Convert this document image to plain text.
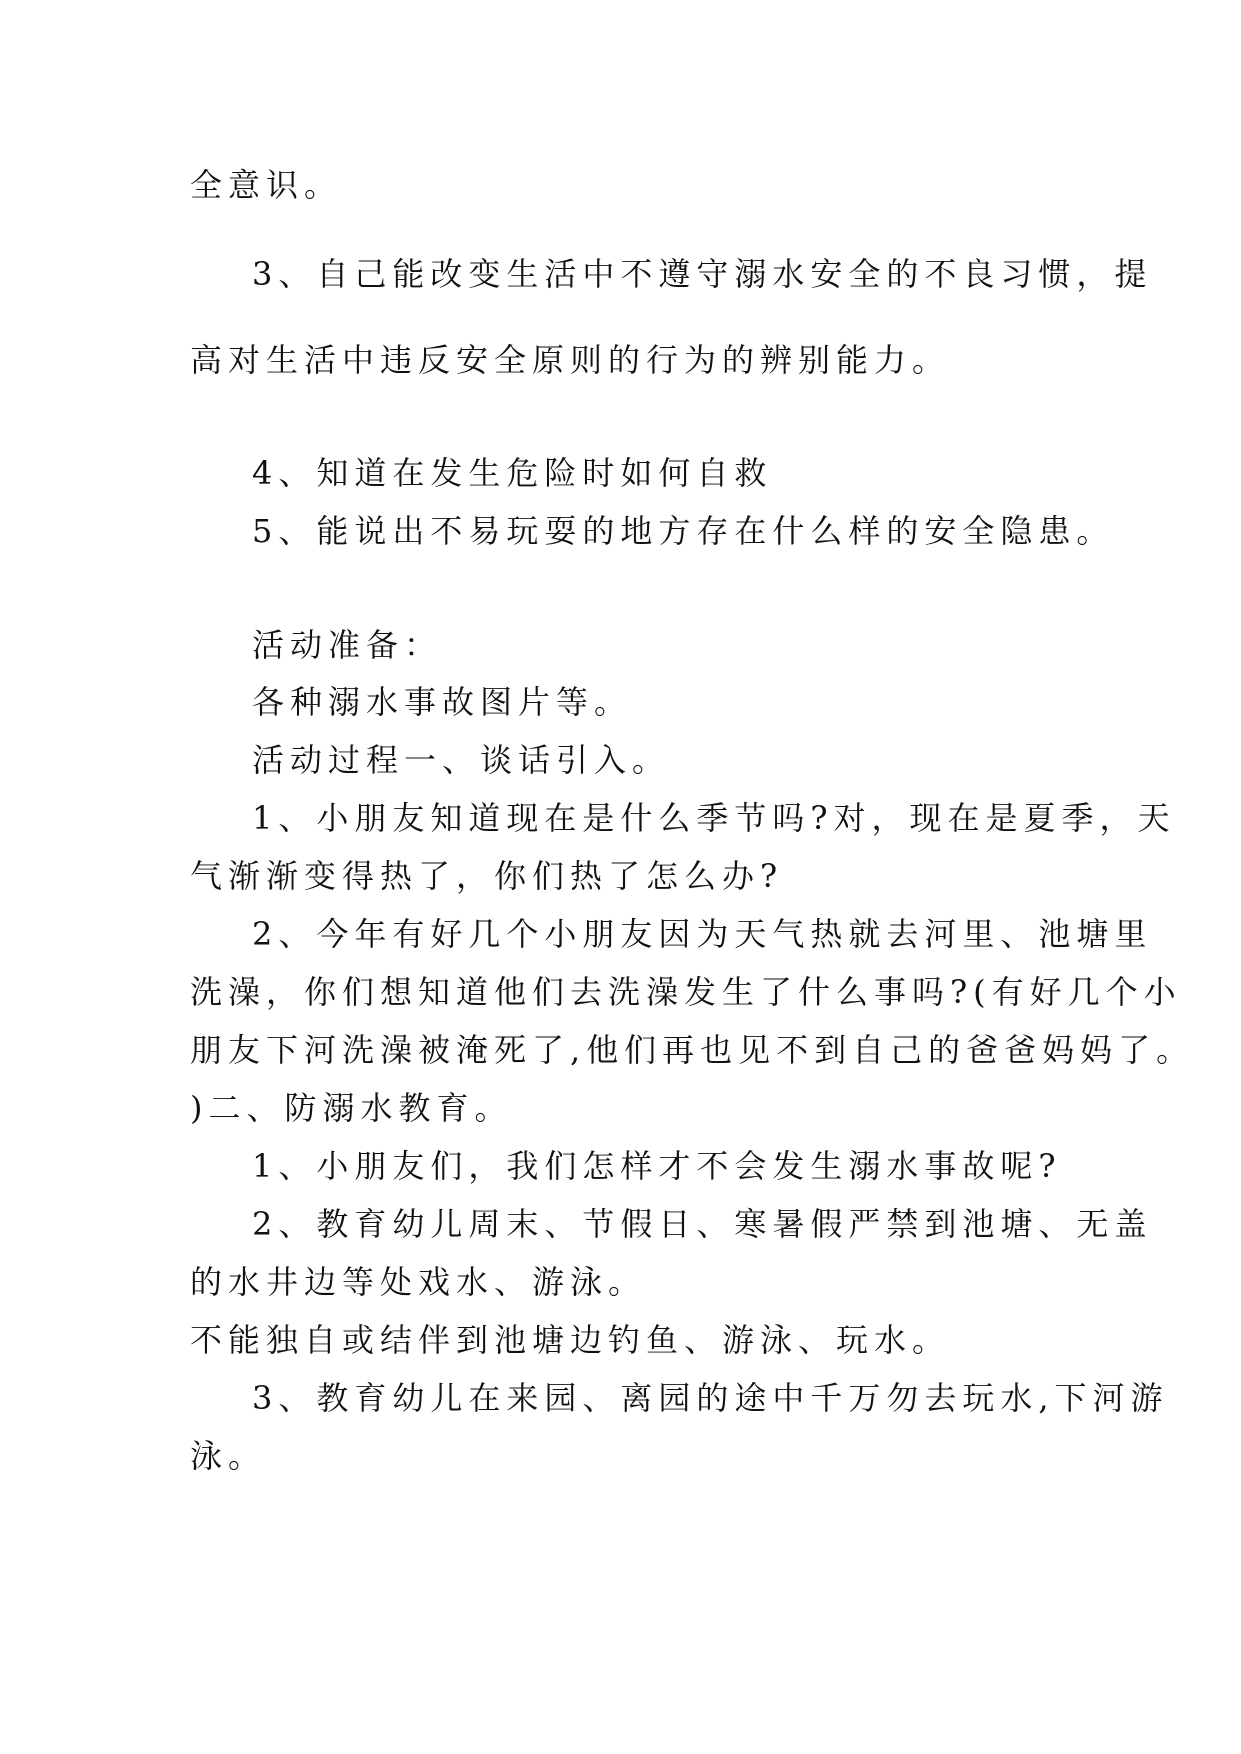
全意识。
3、自己能改变生活中不遵守溺水安全的不良习惯，提
高对生活中违反安全原则的行为的辨别能力。
4、知道在发生危险时如何自救
5、能说出不易玩耍的地方存在什么样的安全隐患。
活动准备：
各种溺水事故图片等。
活动过程一、谈话引入。
1、小朋友知道现在是什么季节吗?对，现在是夏季，天
气渐渐变得热了，你们热了怎么办?
2、今年有好几个小朋友因为天气热就去河里、池塘里
洗澡，你们想知道他们去洗澡发生了什么事吗?(有好几个小
朋友下河洗澡被淹死了,他们再也见不到自己的爸爸妈妈了。
)二、防溺水教育。
1、小朋友们，我们怎样才不会发生溺水事故呢?
2、教育幼儿周末、节假日、寒暑假严禁到池塘、无盖
的水井边等处戏水、游泳。
不能独自或结伴到池塘边钓鱼、游泳、玩水。
3、教育幼儿在来园、离园的途中千万勿去玩水,下河游
泳。
